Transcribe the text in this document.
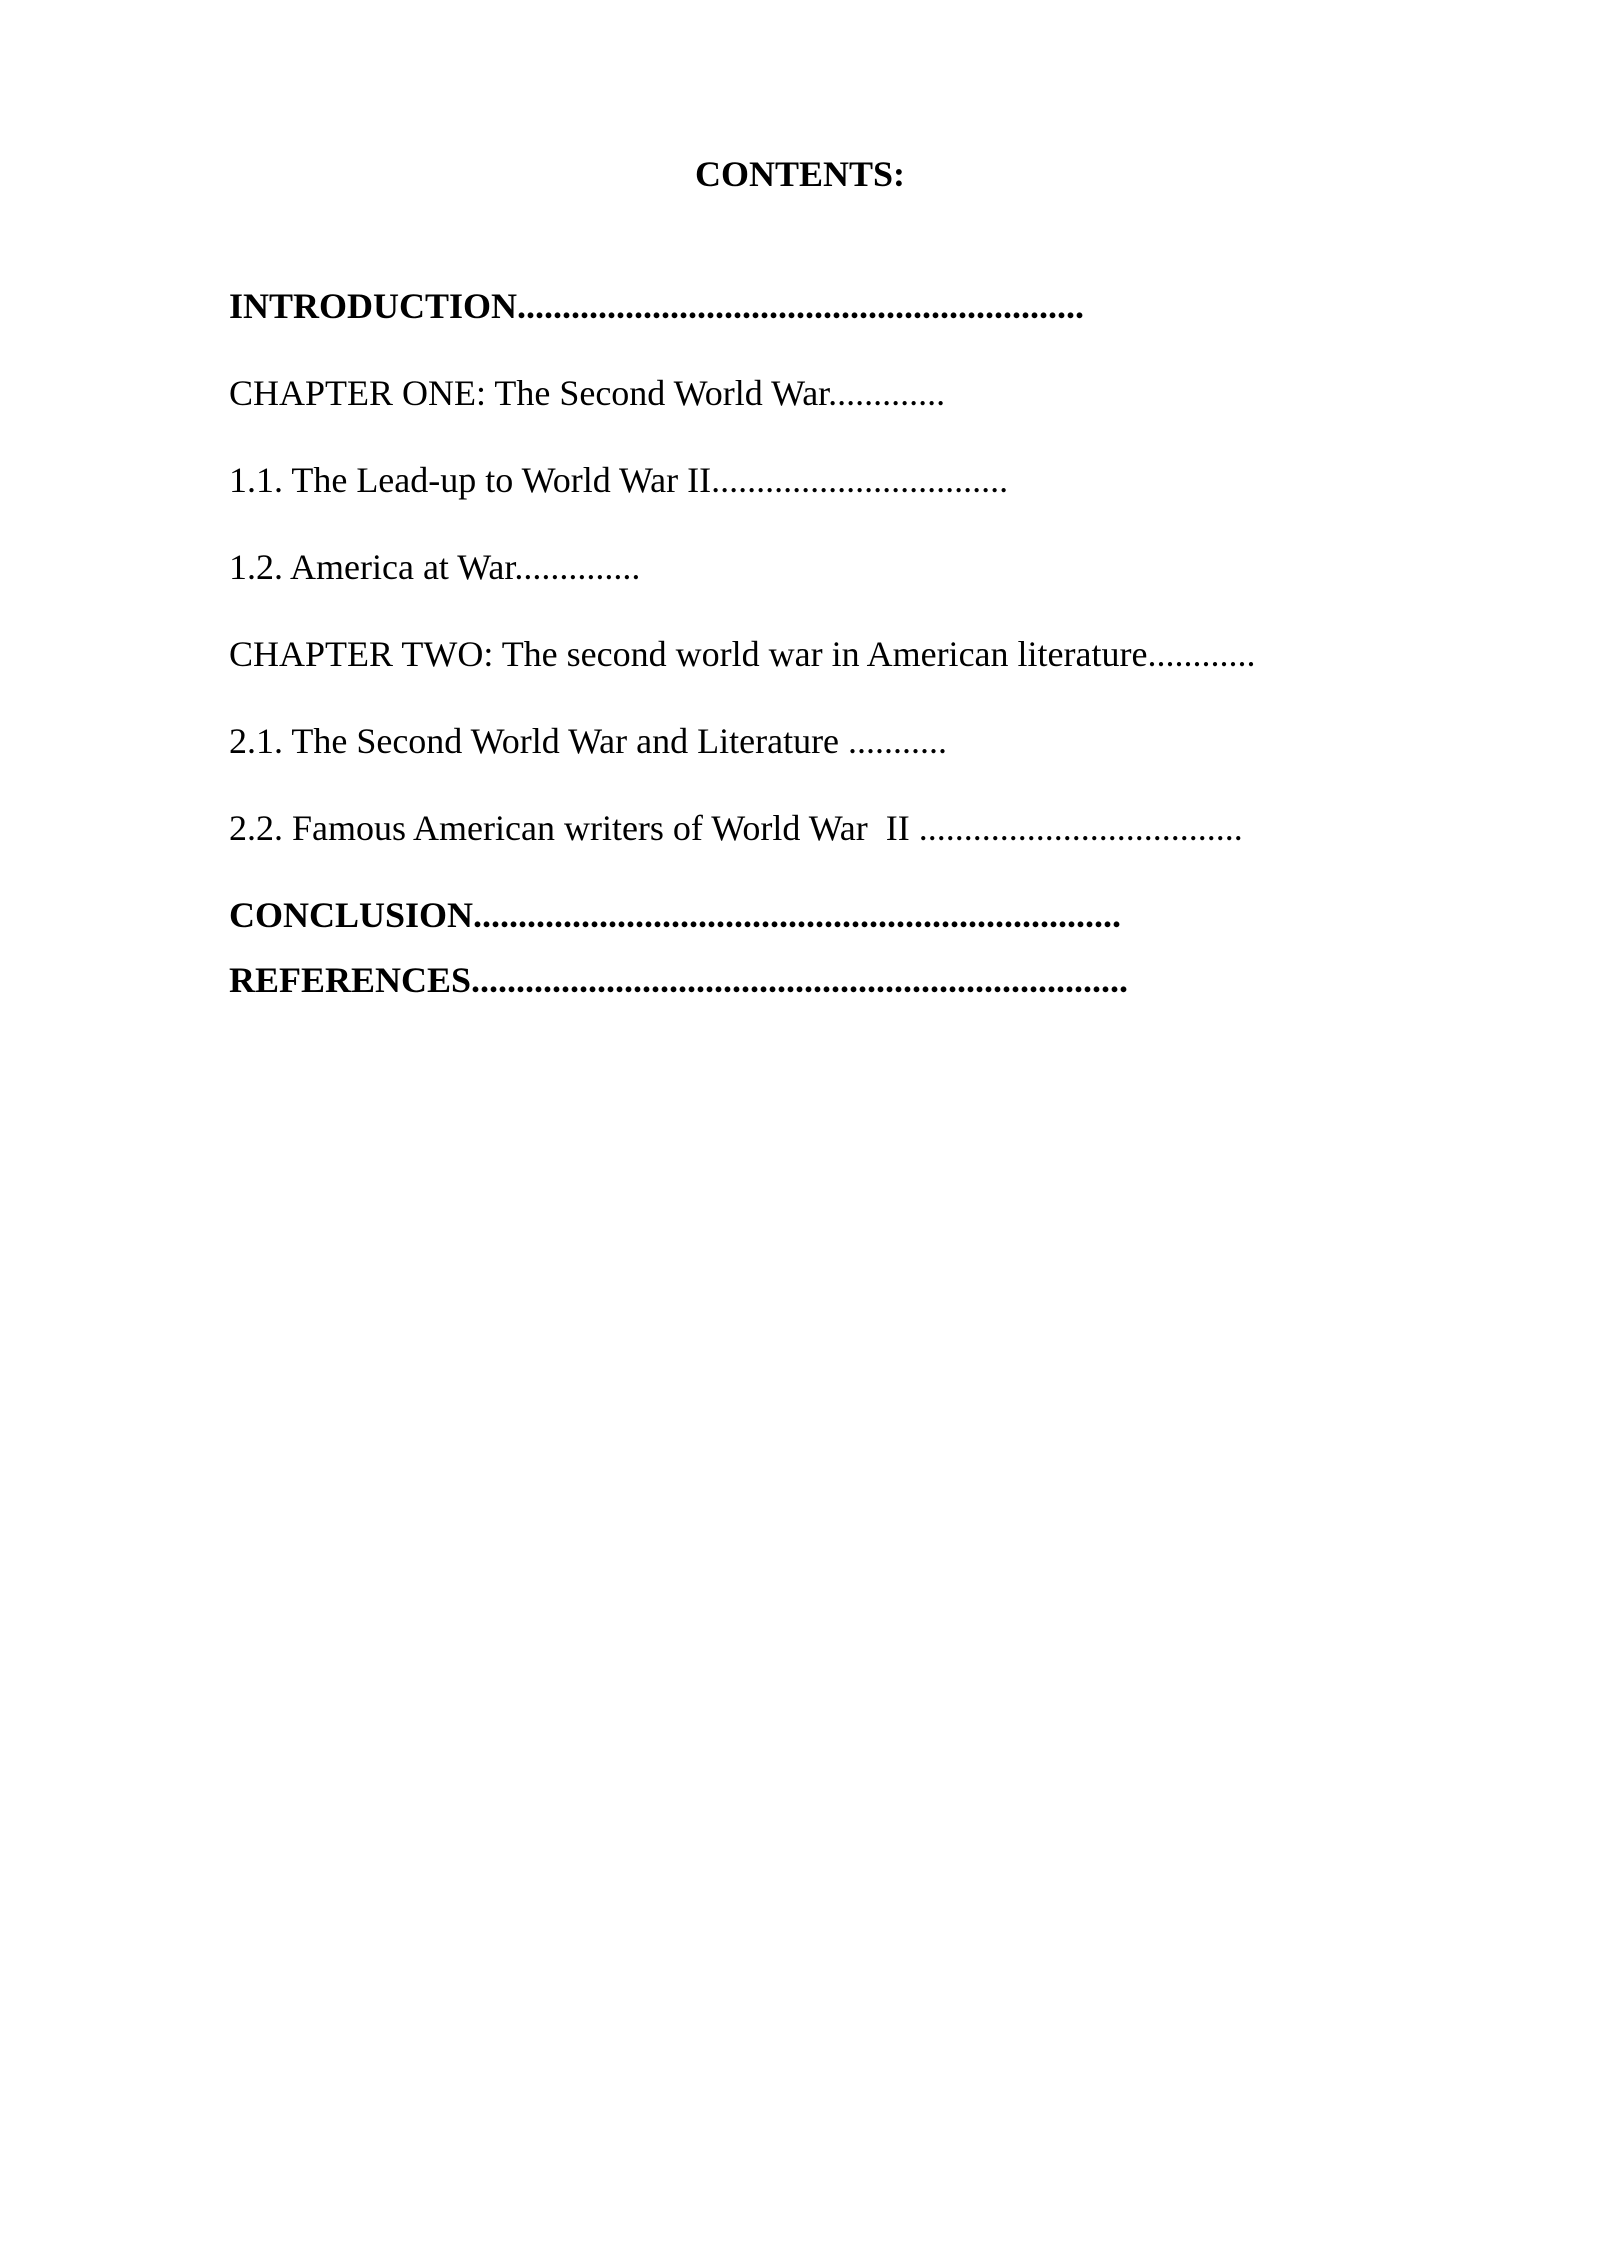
CONTENTS:
INTRODUCTION...............................................................
CHAPTER ONE: The Second World War.............
1.1. The Lead-up to World War II.................................
1.2. America at War..............
CHAPTER TWO: The second world war in American literature............
2.1. The Second World War and Literature ...........
2.2. Famous American writers of World War  II ....................................
CONCLUSION........................................................................
REFERENCES.........................................................................
